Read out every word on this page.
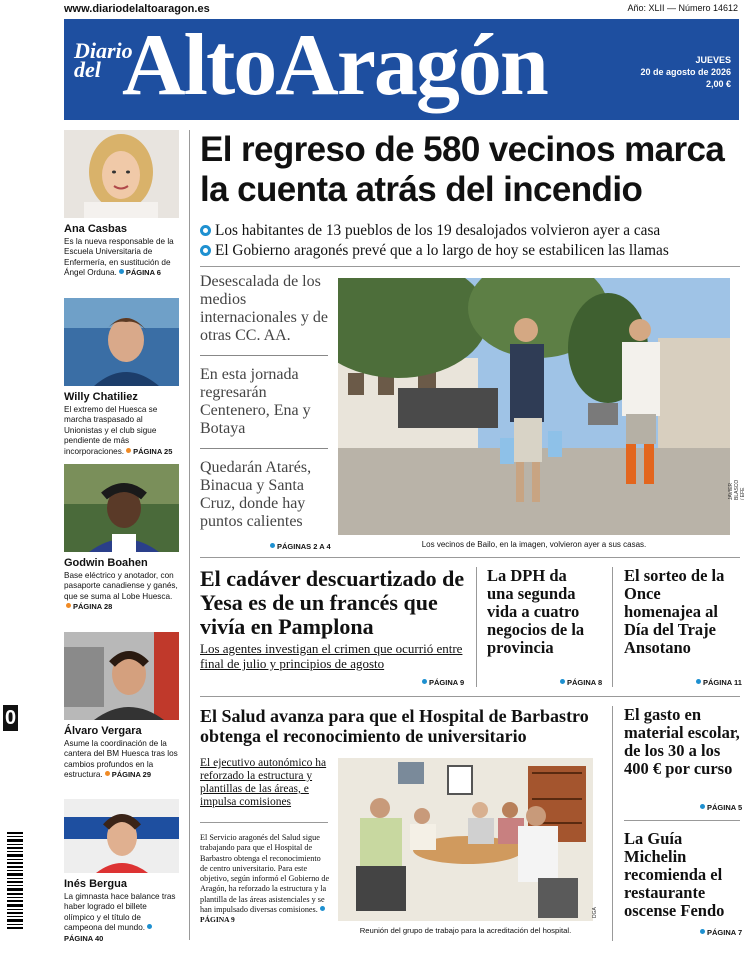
www.diariodelaltoaragon.es	Año: XLII — Número 14612
Diario
del AltoAragón	JUEVES
20 de agosto de 2026
2,00 €
Ana Casbas
Es la nueva responsable de la Escuela Universitaria de Enfermería, en sustitución de Ángel Orduna. PÁGINA 6
Willy Chatiliez
El extremo del Huesca se marcha traspasado al Unionistas y el club sigue pendiente de más incorporaciones. PÁGINA 25
Godwin Boahen
Base eléctrico y anotador, con pasaporte canadiense y ganés, que se suma al Lobe Huesca.PÁGINA 28
Álvaro Vergara
Asume la coordinación de la cantera del BM Huesca tras los cambios profundos en la estructura. PÁGINA 29
Inés Bergua
La gimnasta hace balance tras haber logrado el billete olímpico y el título de campeona del mundo.PÁGINA 40
El regreso de 580 vecinos marca la cuenta atrás del incendio
Los habitantes de 13 pueblos de los 19 desalojados volvieron ayer a casa
El Gobierno aragonés prevé que a lo largo de hoy se estabilicen las llamas
Desescalada de los medios internacionales y de otras CC. AA.
En esta jornada regresarán Centenero, Ena y Botaya
Quedarán Atarés, Binacua y Santa Cruz, donde hay puntos calientes
PÁGINAS 2 A 4
JAVIER BLASCO / EFE
Los vecinos de Bailo, en la imagen, volvieron ayer a sus casas.
El cadáver descuartizado de Yesa es de un francés que vivía en Pamplona
Los agentes investigan el crimen que ocurrió entre final de julio y principios de agosto
PÁGINA 9
La DPH da una segunda vida a cuatro negocios de la provincia
PÁGINA 8
El sorteo de la Once homenajea al Día del Traje Ansotano
PÁGINA 11
El Salud avanza para que el Hospital de Barbastro obtenga el reconocimiento de universitario
El ejecutivo autonómico ha reforzado la estructura y plantillas de las áreas, e impulsa comisiones
El Servicio aragonés del Salud sigue trabajando para que el Hospital de Barbastro obtenga el reconocimiento de centro universitario. Para este objetivo, según informó el Gobierno de Aragón, ha reforzado la estructura y la plantilla de las áreas asistenciales y se han impulsado diversas comisiones.PÁGINA 9
DGA
Reunión del grupo de trabajo para la acreditación del hospital.
El gasto en material escolar, de los 30 a los 400 € por curso
PÁGINA 5
La Guía Michelin recomienda el restaurante oscense Fendo
PÁGINA 7
0
